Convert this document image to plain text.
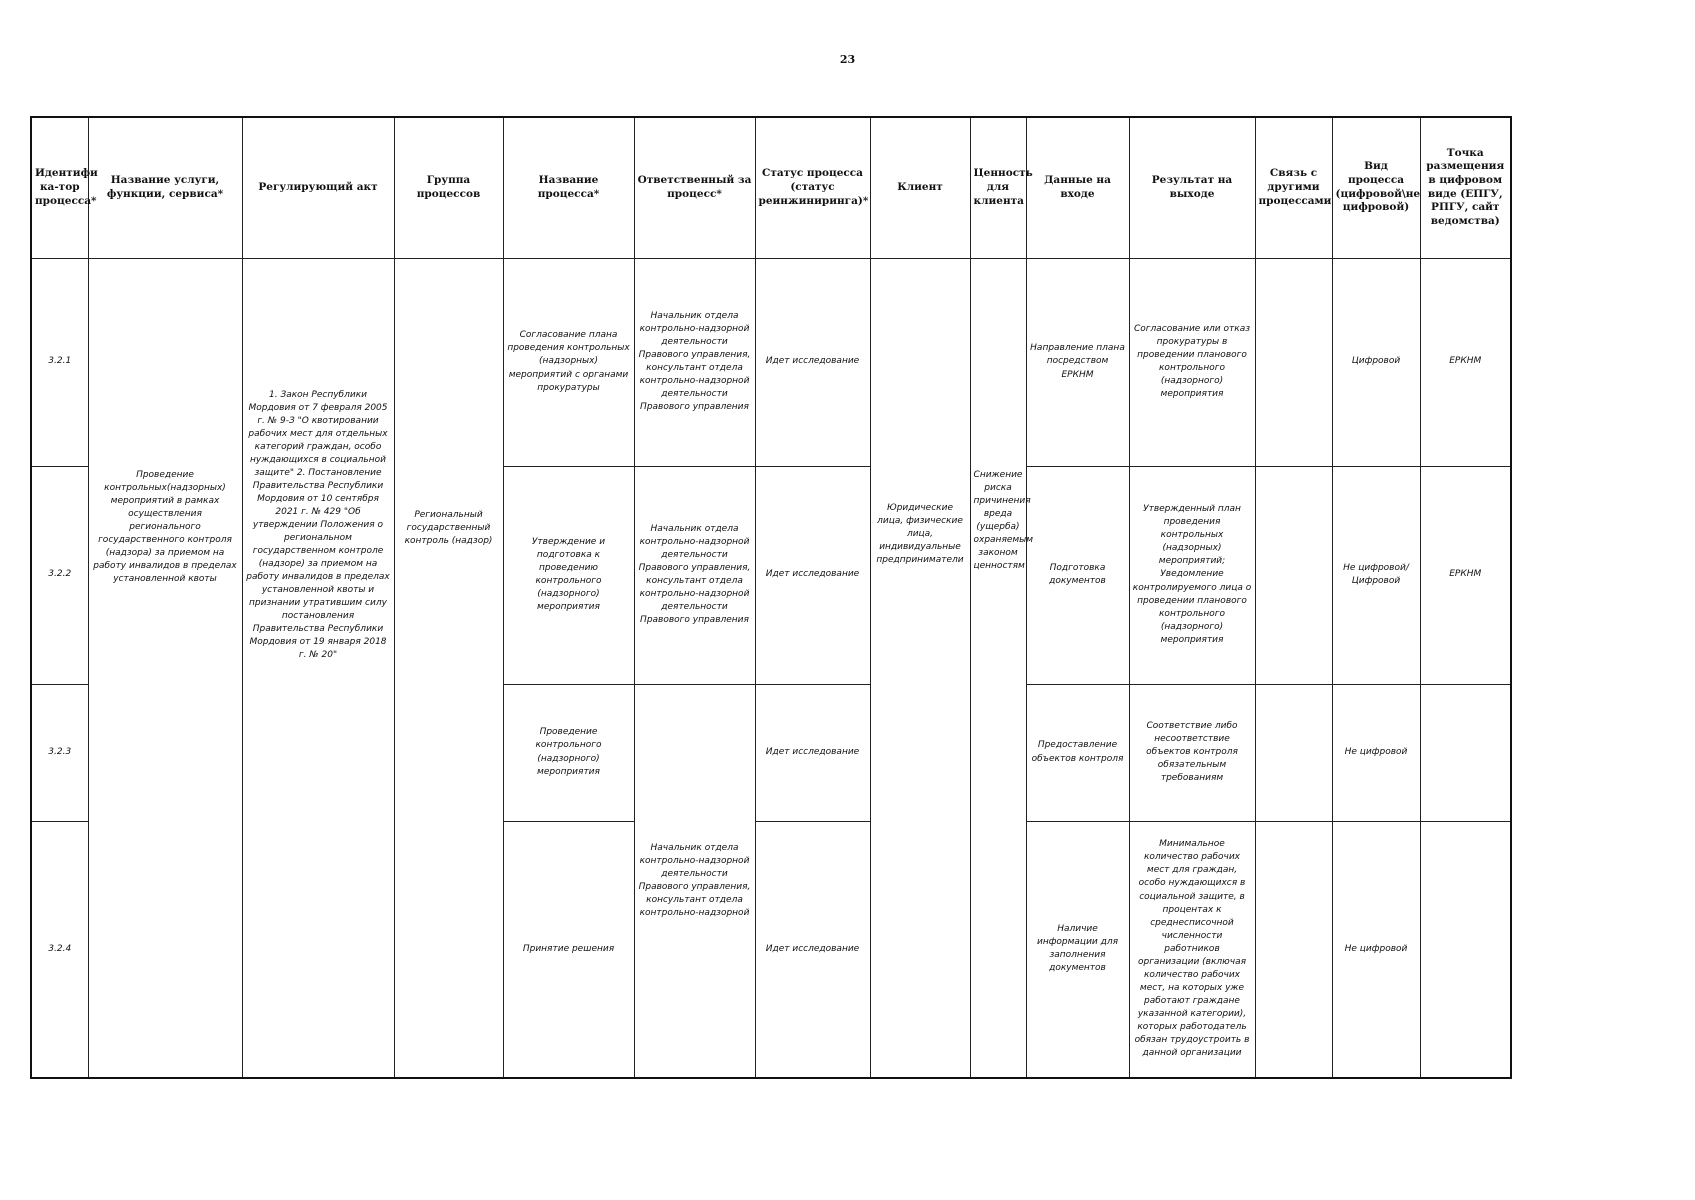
23
Идентифи ка-тор процесса*	Название услуги, функции, сервиса*	Регулирующий акт	Группа процессов	Название процесса*	Ответственный за процесс*	Статус процесса (статус реинжиниринга)*	Клиент	Ценность для клиента	Данные на входе	Результат на выходе	Связь с другими процессами	Вид процесса (цифровой\не цифровой)	Точка размещения в цифровом виде (ЕПГУ, РПГУ, сайт ведомства)
3.2.1	Проведение контрольных(надзорных) мероприятий в рамках осуществления регионального государственного контроля (надзора) за приемом на работу инвалидов в пределах установленной квоты	1. Закон Республики Мордовия от 7 февраля 2005 г. № 9-З "О квотировании рабочих мест для отдельных категорий граждан, особо нуждающихся в социальной защите" 2. Постановление Правительства Республики Мордовия от 10 сентября 2021 г. № 429 "Об утверждении Положения о региональном государственном контроле (надзоре) за приемом на работу инвалидов в пределах установленной квоты и признании утратившим силу постановления Правительства Республики Мордовия от 19 января 2018 г. № 20"	Региональный государственный контроль (надзор)	Согласование плана проведения контрольных (надзорных) мероприятий с органами прокуратуры	Начальник отдела контрольно-надзорной деятельности Правового управления, консультант отдела контрольно-надзорной деятельности Правового управления	Идет исследование	Юридические лица, физические лица, индивидуальные предприниматели	Снижение риска причинения вреда (ущерба) охраняемым законом ценностям	Направление плана посредством ЕРКНМ	Согласование или отказ прокуратуры в проведении планового контрольного (надзорного) мероприятия		Цифровой	ЕРКНМ
3.2.2				Утверждение и подготовка к проведению контрольного (надзорного) мероприятия	Начальник отдела контрольно-надзорной деятельности Правового управления, консультант отдела контрольно-надзорной деятельности Правового управления	Идет исследование			Подготовка документов	Утвержденный план проведения контрольных (надзорных) мероприятий; Уведомление контролируемого лица о проведении планового контрольного (надзорного) мероприятия		Не цифровой/Цифровой	ЕРКНМ
3.2.3				Проведение контрольного (надзорного) мероприятия	Начальник отдела контрольно-надзорной деятельности Правового управления, консультант отдела контрольно-надзорной	Идет исследование			Предоставление объектов контроля	Соответствие либо несоответствие объектов контроля обязательным требованиям		Не цифровой	
3.2.4				Принятие решения		Идет исследование			Наличие информации для заполнения документов	Минимальное количество рабочих мест для граждан, особо нуждающихся в социальной защите, в процентах к среднесписочной численности работников организации (включая количество рабочих мест, на которых уже работают граждане указанной категории), которых работодатель обязан трудоустроить в данной организации		Не цифровой	
